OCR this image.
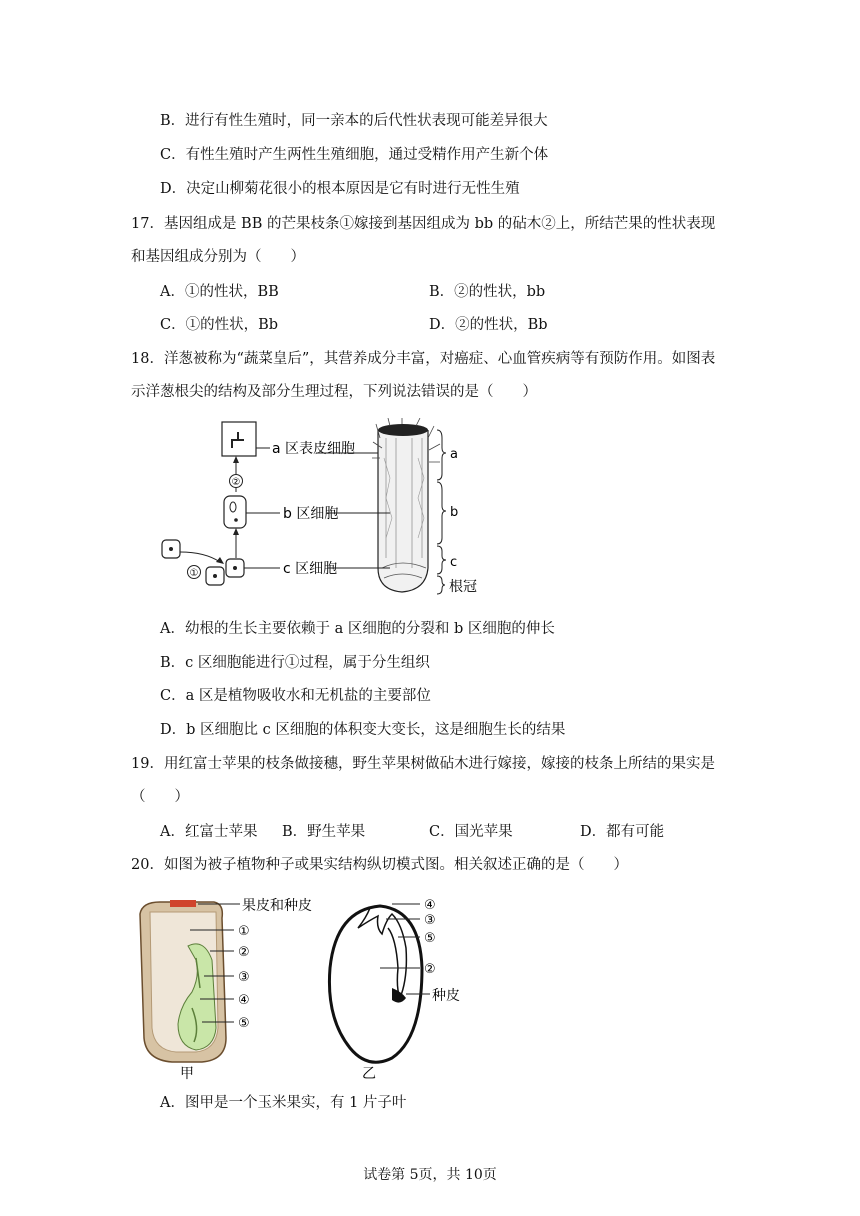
B．进行有性生殖时，同一亲本的后代性状表现可能差异很大
C．有性生殖时产生两性生殖细胞，通过受精作用产生新个体
D．决定山柳菊花很小的根本原因是它有时进行无性生殖
17．基因组成是 BB 的芒果枝条①嫁接到基因组成为 bb 的砧木②上，所结芒果的性状表现
和基因组成分别为（　　）
A．①的性状，BB	B．②的性状，bb
C．①的性状，Bb	D．②的性状，Bb
18．洋葱被称为“蔬菜皇后”，其营养成分丰富，对癌症、心血管疾病等有预防作用。如图表
示洋葱根尖的结构及部分生理过程，下列说法错误的是（　　）
a 区表皮细胞
②
b 区细胞
c 区细胞
①
a
b
c
根冠
A．幼根的生长主要依赖于 a 区细胞的分裂和 b 区细胞的伸长
B．c 区细胞能进行①过程，属于分生组织
C．a 区是植物吸收水和无机盐的主要部位
D．b 区细胞比 c 区细胞的体积变大变长，这是细胞生长的结果
19．用红富士苹果的枝条做接穗，野生苹果树做砧木进行嫁接，嫁接的枝条上所结的果实是
（　　）
A．红富士苹果 B．野生苹果	C．国光苹果	D．都有可能
20．如图为被子植物种子或果实结构纵切模式图。相关叙述正确的是（　　）
果皮和种皮
①
②
③
④
⑤
甲
④
③
⑤
②
种皮
乙
A．图甲是一个玉米果实，有 1 片子叶
试卷第 5页，共 10页
